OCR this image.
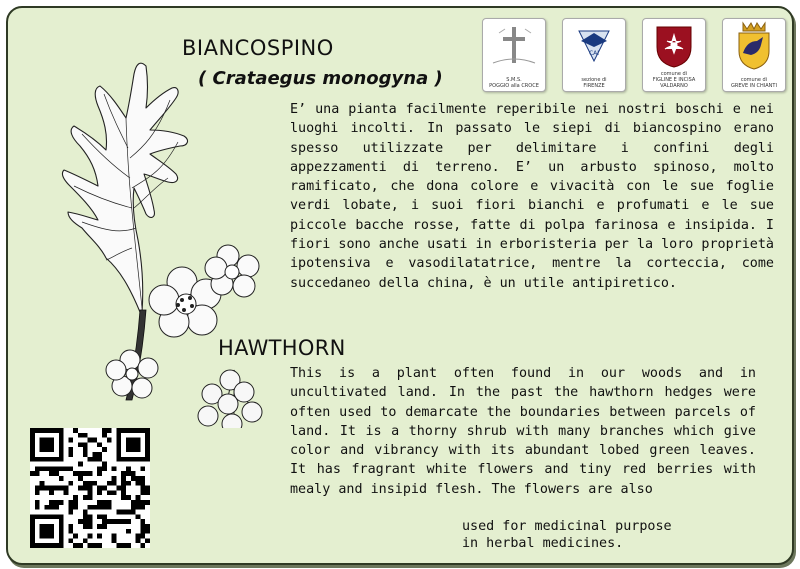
BIANCOSPINO
( Crataegus monogyna )	S.M.S.
POGGIO alla CROCE
CAI
sezione di
FIRENZE
comune di
FIGLINE E INCISA
VALDARNO
comune di
GREVE IN CHIANTI

E’ una pianta facilmente reperibile nei nostri boschi e nei luoghi incolti. In passato le siepi di biancospino erano spesso utilizzate per delimitare i confini degli appezzamenti di terreno. E’ un arbusto spinoso, molto ramificato, che dona colore e vivacità con le sue foglie verdi lobate, i suoi fiori bianchi e profumati e le sue piccole bacche rosse, fatte di polpa farinosa e insipida. I fiori sono anche usati in erboristeria per la loro proprietà ipotensiva e vasodilatatrice, mentre la corteccia, come succedaneo della china, è un utile antipiretico.

HAWTHORN

This is a plant often found in our woods and in uncultivated land. In the past the hawthorn hedges were often used to demarcate the boundaries between parcels of land. It is a thorny shrub with many branches which give color and vibrancy with its abundant lobed green leaves. It has fragrant white flowers and tiny red berries with mealy and insipid flesh. The flowers are also

used for medicinal purpose
in herbal medicines.
